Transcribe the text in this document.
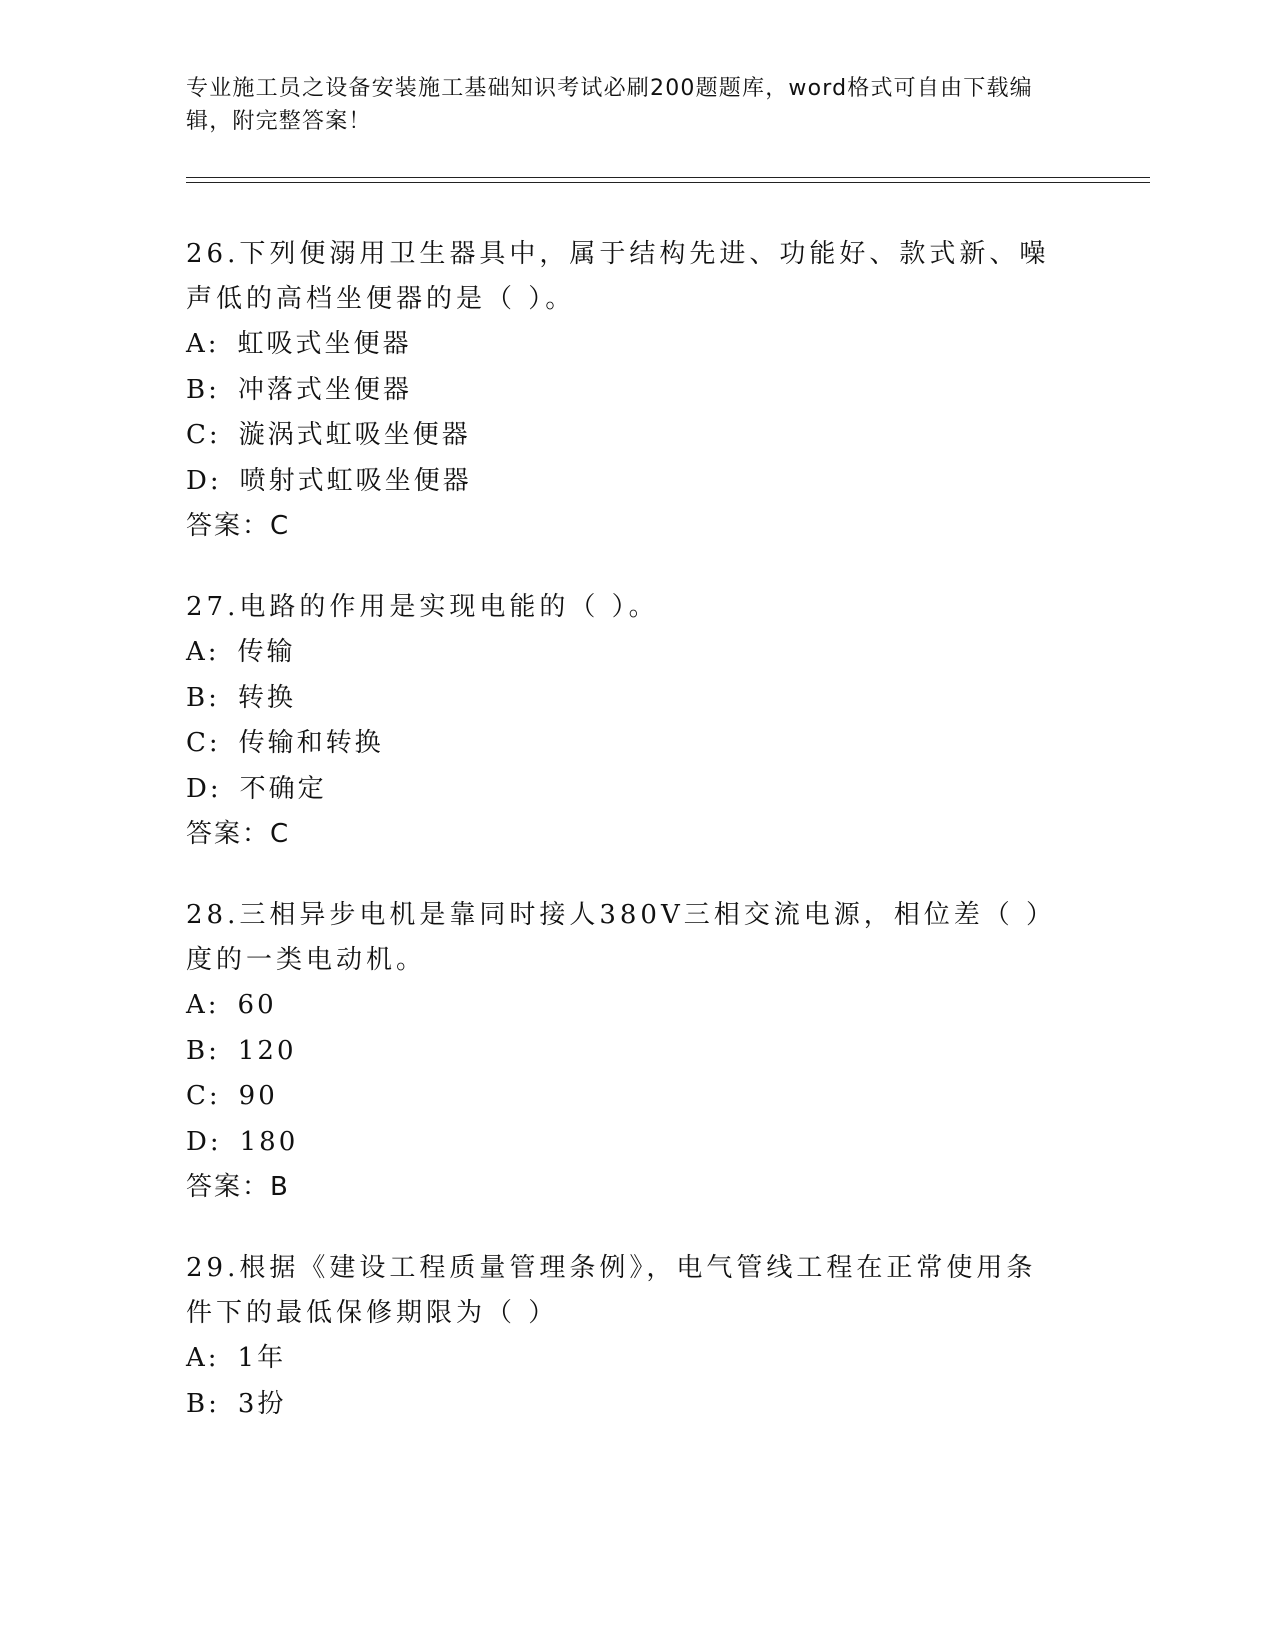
专业施工员之设备安装施工基础知识考试必刷200题题库，word格式可自由下载编辑，附完整答案！

26.下列便溺用卫生器具中，属于结构先进、功能好、款式新、噪声低的高档坐便器的是（ ）。

A: 虹吸式坐便器

B: 冲落式坐便器

C: 漩涡式虹吸坐便器

D: 喷射式虹吸坐便器

答案：C

27.电路的作用是实现电能的（ ）。

A: 传输

B: 转换

C: 传输和转换

D: 不确定

答案：C

28.三相异步电机是靠同时接人380V三相交流电源，相位差（ ）度的一类电动机。

A: 60

B: 120

C: 90

D: 180

答案：B

29.根据《建设工程质量管理条例》，电气管线工程在正常使用条件下的最低保修期限为（ ）

A: 1年

B: 3扮
